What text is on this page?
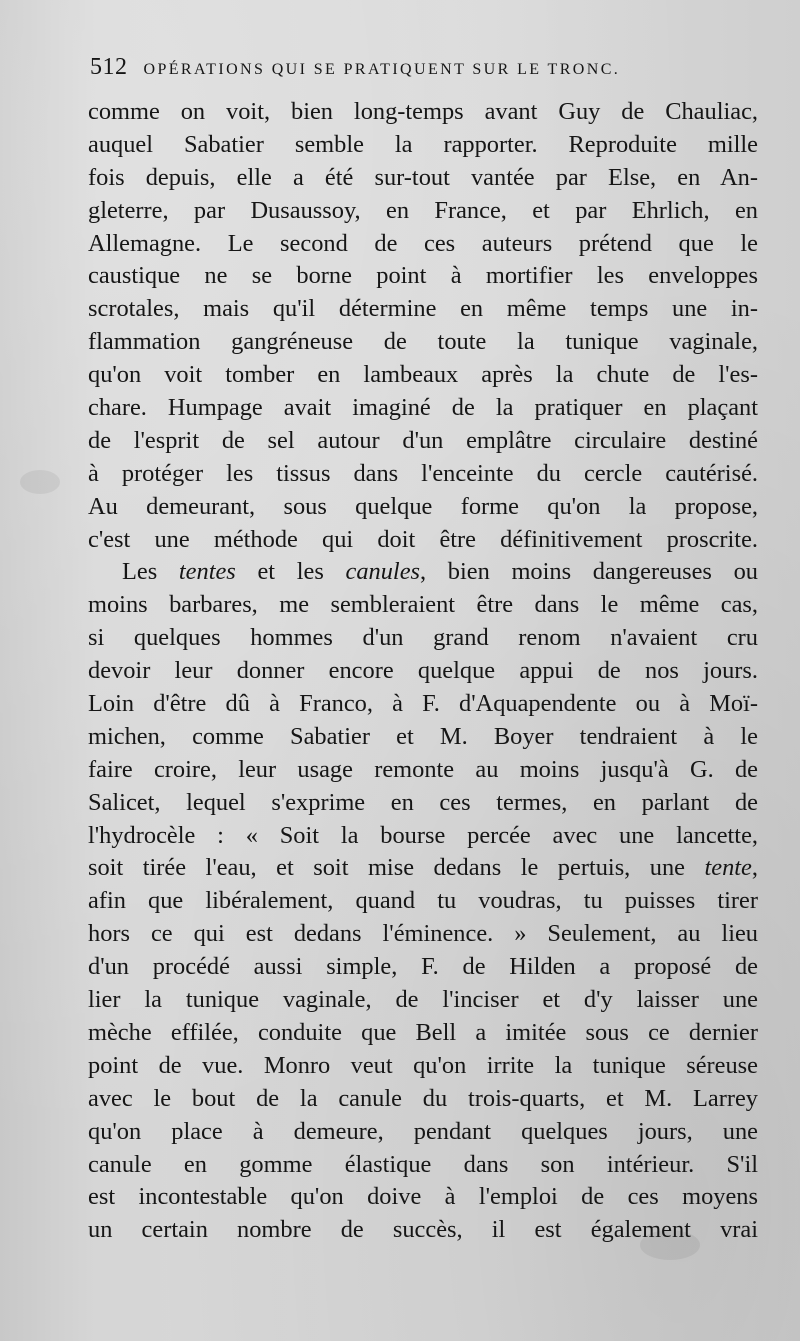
512 OPÉRATIONS QUI SE PRATIQUENT SUR LE TRONC.
comme on voit, bien long-temps avant Guy de Chauliac,
auquel Sabatier semble la rapporter. Reproduite mille
fois depuis, elle a été sur-tout vantée par Else, en An-
gleterre, par Dusaussoy, en France, et par Ehrlich, en
Allemagne. Le second de ces auteurs prétend que le
caustique ne se borne point à mortifier les enveloppes
scrotales, mais qu'il détermine en même temps une in-
flammation gangréneuse de toute la tunique vaginale,
qu'on voit tomber en lambeaux après la chute de l'es-
chare. Humpage avait imaginé de la pratiquer en plaçant
de l'esprit de sel autour d'un emplâtre circulaire destiné
à protéger les tissus dans l'enceinte du cercle cautérisé.
Au demeurant, sous quelque forme qu'on la propose,
c'est une méthode qui doit être définitivement proscrite.
Les tentes et les canules, bien moins dangereuses ou
moins barbares, me sembleraient être dans le même cas,
si quelques hommes d'un grand renom n'avaient cru
devoir leur donner encore quelque appui de nos jours.
Loin d'être dû à Franco, à F. d'Aquapendente ou à Moï-
michen, comme Sabatier et M. Boyer tendraient à le
faire croire, leur usage remonte au moins jusqu'à G. de
Salicet, lequel s'exprime en ces termes, en parlant de
l'hydrocèle : « Soit la bourse percée avec une lancette,
soit tirée l'eau, et soit mise dedans le pertuis, une tente,
afin que libéralement, quand tu voudras, tu puisses tirer
hors ce qui est dedans l'éminence. » Seulement, au lieu
d'un procédé aussi simple, F. de Hilden a proposé de
lier la tunique vaginale, de l'inciser et d'y laisser une
mèche effilée, conduite que Bell a imitée sous ce dernier
point de vue. Monro veut qu'on irrite la tunique séreuse
avec le bout de la canule du trois-quarts, et M. Larrey
qu'on place à demeure, pendant quelques jours, une
canule en gomme élastique dans son intérieur. S'il
est incontestable qu'on doive à l'emploi de ces moyens
un certain nombre de succès, il est également vrai
